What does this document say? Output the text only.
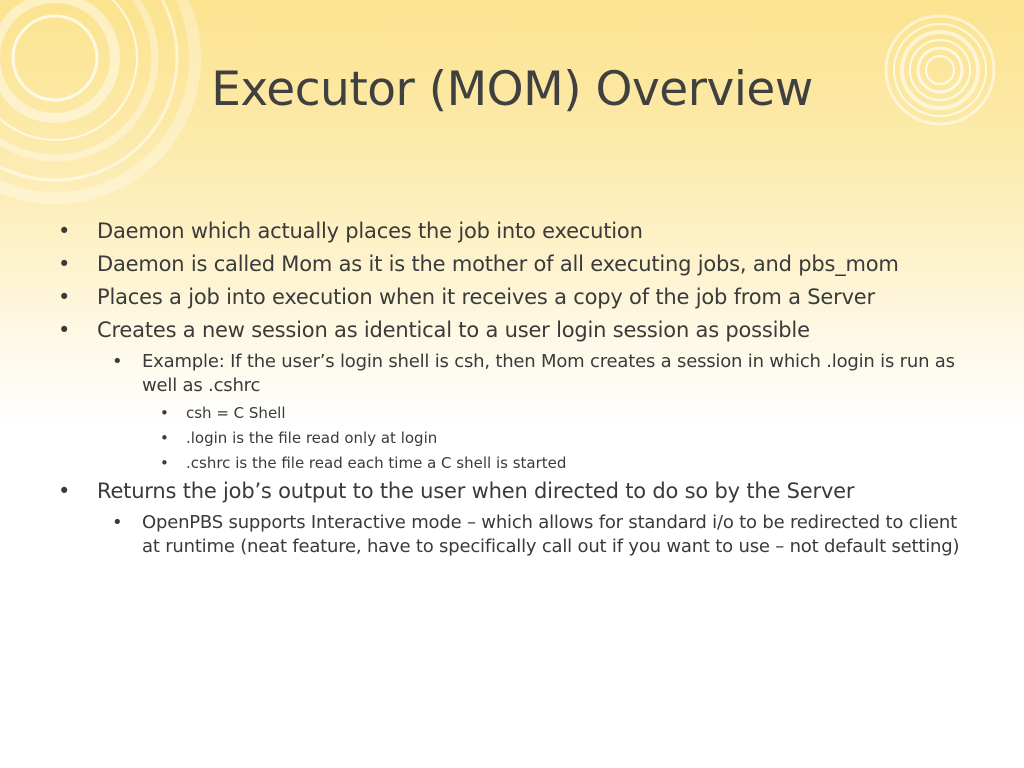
Executor (MOM) Overview

• Daemon which actually places the job into execution

• Daemon is called Mom as it is the mother of all executing jobs, and pbs_mom

• Places a job into execution when it receives a copy of the job from a Server

• Creates a new session as identical to a user login session as possible

• Example: If the user’s login shell is csh, then Mom creates a session in which .login is run as well as .cshrc

• csh = C Shell

• .login is the file read only at login

• .cshrc is the file read each time a C shell is started

• Returns the job’s output to the user when directed to do so by the Server

• OpenPBS supports Interactive mode – which allows for standard i/o to be redirected to client at runtime (neat feature, have to specifically call out if you want to use – not default setting)
